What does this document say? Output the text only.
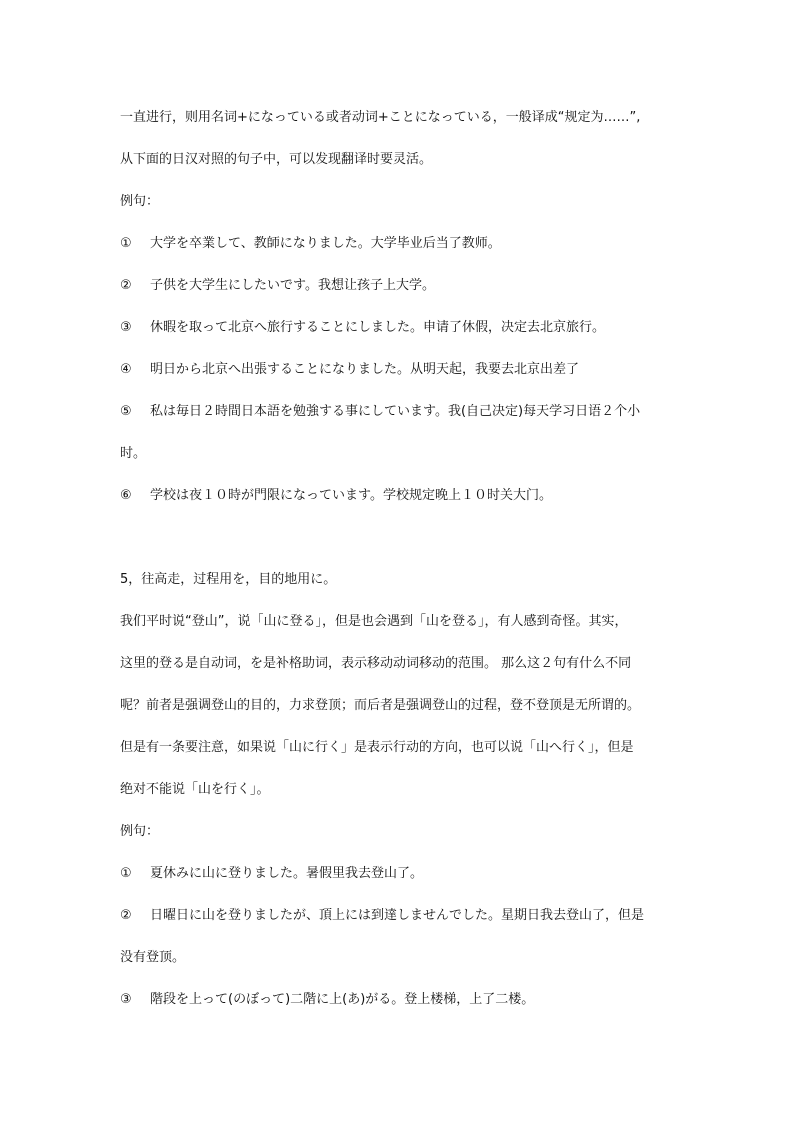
一直进行，则用名词+になっている或者动词+ことになっている，一般译成“规定为……”,
从下面的日汉对照的句子中，可以发现翻译时要灵活。
例句：
①	大学を卒業して、教師になりました。大学毕业后当了教师。
②	子供を大学生にしたいです。我想让孩子上大学。
③	休暇を取って北京へ旅行することにしました。申请了休假，决定去北京旅行。
④	明日から北京へ出張することになりました。从明天起，我要去北京出差了
⑤	私は毎日２時間日本語を勉強する事にしています。我(自己决定)每天学习日语２个小
时。
⑥	学校は夜１０時が門限になっています。学校规定晚上１０时关大门。
5，往高走，过程用を，目的地用に。
我们平时说“登山”，说「山に登る」，但是也会遇到「山を登る」，有人感到奇怪。其实，
这里的登る是自动词，を是补格助词，表示移动动词移动的范围。 那么这２句有什么不同
呢？前者是强调登山的目的，力求登顶；而后者是强调登山的过程，登不登顶是无所谓的。
但是有一条要注意，如果说「山に行く」是表示行动的方向，也可以说「山へ行く」，但是
绝对不能说「山を行く」。
例句：
①	夏休みに山に登りました。暑假里我去登山了。
②	日曜日に山を登りましたが、頂上には到達しませんでした。星期日我去登山了，但是
没有登顶。
③	階段を上って(のぼって)二階に上(あ)がる。登上楼梯，上了二楼。
